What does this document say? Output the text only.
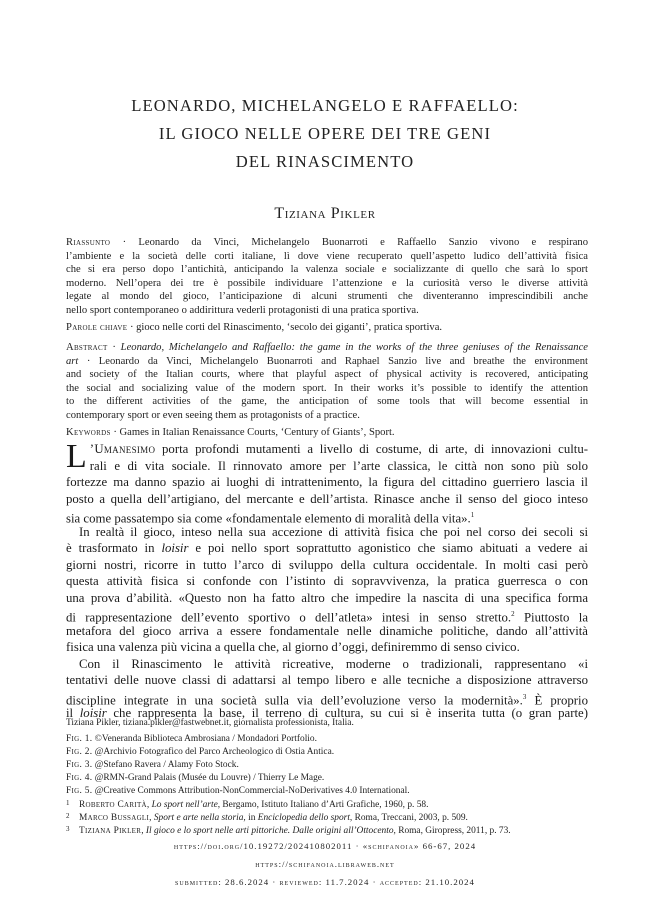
LEONARDO, MICHELANGELO E RAFFAELLO:
IL GIOCO NELLE OPERE DEI TRE GENI
DEL RINASCIMENTO
Tiziana Pikler
Riassunto · Leonardo da Vinci, Michelangelo Buonarroti e Raffaello Sanzio vivono e respirano
l’ambiente e la società delle corti italiane, lì dove viene recuperato quell’aspetto ludico dell’attività fisica
che si era perso dopo l’antichità, anticipando la valenza sociale e socializzante di quello che sarà lo sport
moderno. Nell’opera dei tre è possibile individuare l’attenzione e la curiosità verso le diverse attività
legate al mondo del gioco, l’anticipazione di alcuni strumenti che diventeranno imprescindibili anche
nello sport contemporaneo o addirittura vederli protagonisti di una pratica sportiva.
Parole chiave · gioco nelle corti del Rinascimento, ‘secolo dei giganti’, pratica sportiva.
Abstract · Leonardo, Michelangelo and Raffaello: the game in the works of the three geniuses of the Renaissance
art · Leonardo da Vinci, Michelangelo Buonarroti and Raphael Sanzio live and breathe the environment
and society of the Italian courts, where that playful aspect of physical activity is recovered, anticipating
the social and socializing value of the modern sport. In their works it’s possible to identify the attention
to the different activities of the game, the anticipation of some tools that will become essential in
contemporary sport or even seeing them as protagonists of a practice.
Keywords · Games in Italian Renaissance Courts, ‘Century of Giants’, Sport.
L ’Umanesimo porta profondi mutamenti a livello di costume, di arte, di innovazioni cultu-
rali e di vita sociale. Il rinnovato amore per l’arte classica, le città non sono più solo
fortezze ma danno spazio ai luoghi di intrattenimento, la figura del cittadino guerriero lascia il
posto a quella dell’artigiano, del mercante e dell’artista. Rinasce anche il senso del gioco inteso
sia come passatempo sia come «fondamentale elemento di moralità della vita».$^1$
In realtà il gioco, inteso nella sua accezione di attività fisica che poi nel corso dei secoli si
è trasformato in loisir e poi nello sport soprattutto agonistico che siamo abituati a vedere ai
giorni nostri, ricorre in tutto l’arco di sviluppo della cultura occidentale. In molti casi però
questa attività fisica si confonde con l’istinto di sopravvivenza, la pratica guerresca o con
una prova d’abilità. «Questo non ha fatto altro che impedire la nascita di una specifica forma
di rappresentazione dell’evento sportivo o dell’atleta» intesi in senso stretto.$^2$ Piuttosto la
metafora del gioco arriva a essere fondamentale nelle dinamiche politiche, dando all’attività
fisica una valenza più vicina a quella che, al giorno d’oggi, definiremmo di senso civico.
Con il Rinascimento le attività ricreative, moderne o tradizionali, rappresentano «i
tentativi delle nuove classi di adattarsi al tempo libero e alle tecniche a disposizione attraverso
discipline integrate in una società sulla via dell’evoluzione verso la modernità».$^3$ È proprio
il loisir che rappresenta la base, il terreno di cultura, su cui si è inserita tutta (o gran parte)
Tiziana Pikler, tiziana.pikler@fastwebnet.it, giornalista professionista, Italia.
Fig. 1. ©Veneranda Biblioteca Ambrosiana / Mondadori Portfolio.
Fig. 2. @Archivio Fotografico del Parco Archeologico di Ostia Antica.
Fig. 3. @Stefano Ravera / Alamy Foto Stock.
Fig. 4. @RMN-Grand Palais (Musée du Louvre) / Thierry Le Mage.
Fig. 5. @Creative Commons Attribution-NonCommercial-NoDerivatives 4.0 International.
1 Roberto Carità, Lo sport nell’arte, Bergamo, Istituto Italiano d’Arti Grafiche, 1960, p. 58.
2 Marco Bussagli, Sport e arte nella storia, in Enciclopedia dello sport, Roma, Treccani, 2003, p. 509.
3 Tiziana Pikler, Il gioco e lo sport nelle arti pittoriche. Dalle origini all’Ottocento, Roma, Giropress, 2011, p. 73.
https://doi.org/10.19272/202410802011 · «schifanoia» 66-67, 2024
https://schifanoia.libraweb.net
submitted: 28.6.2024 · reviewed: 11.7.2024 · accepted: 21.10.2024
